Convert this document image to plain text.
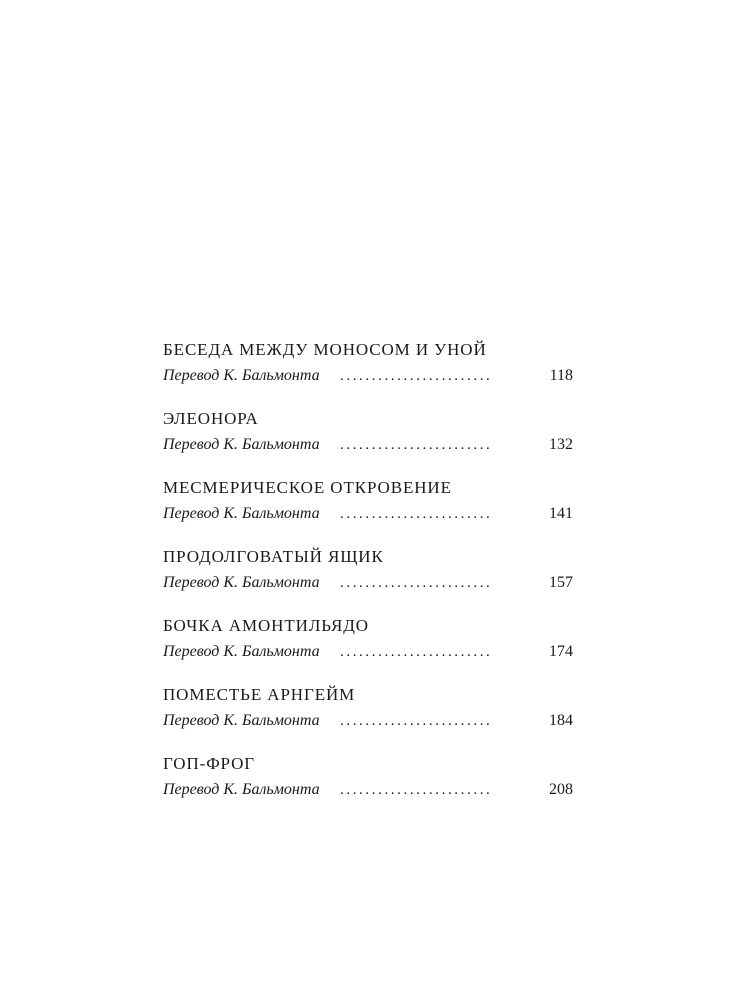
БЕСЕДА МЕЖДУ МОНОСОМ И УНОЙ
Перевод К. Бальмонта ........................	118
ЭЛЕОНОРА
Перевод К. Бальмонта ........................	132
МЕСМЕРИЧЕСКОЕ ОТКРОВЕНИЕ
Перевод К. Бальмонта ........................	141
ПРОДОЛГОВАТЫЙ ЯЩИК
Перевод К. Бальмонта ........................	157
БОЧКА АМОНТИЛЬЯДО
Перевод К. Бальмонта ........................	174
ПОМЕСТЬЕ АРНГЕЙМ
Перевод К. Бальмонта ........................	184
ГОП-ФРОГ
Перевод К. Бальмонта ........................	208
